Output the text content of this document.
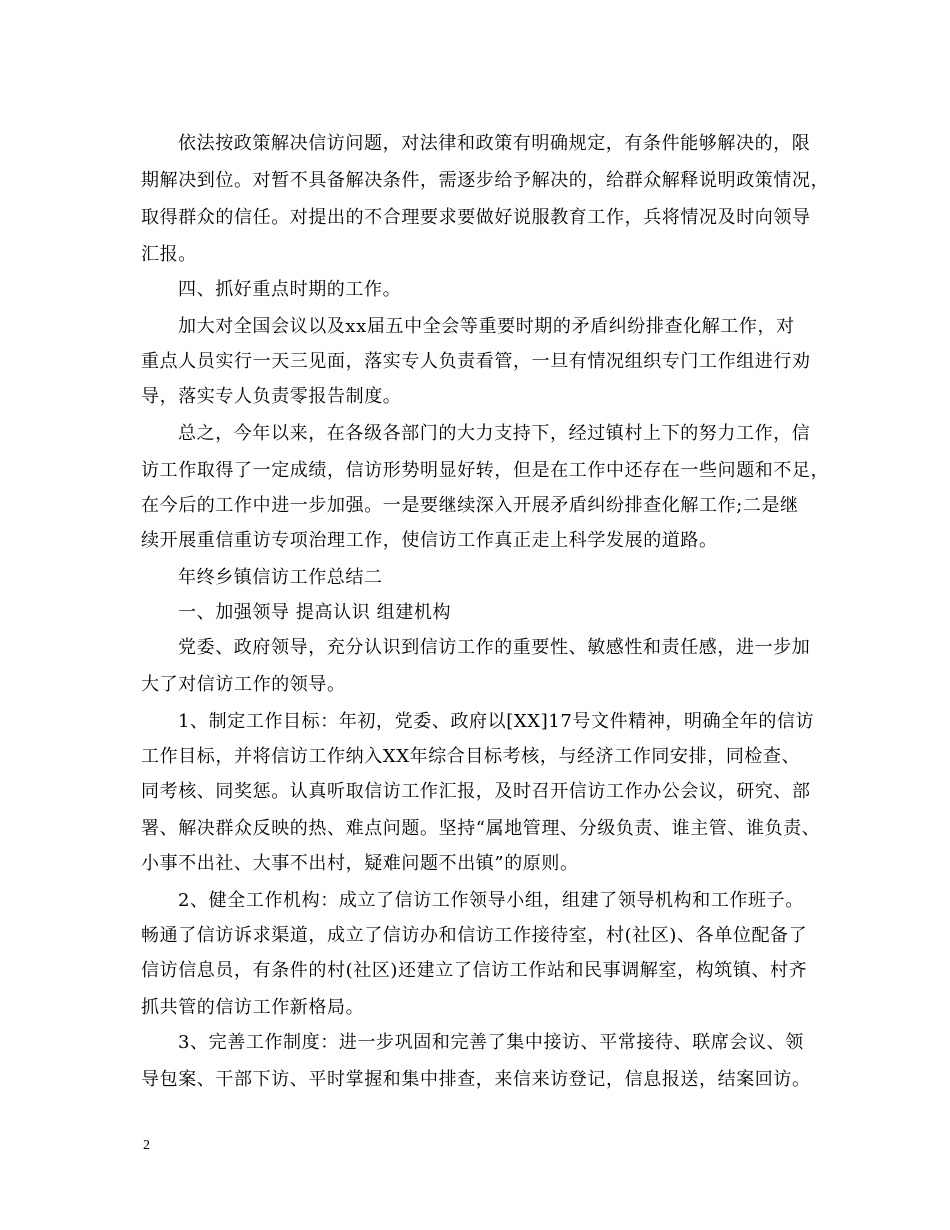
依法按政策解决信访问题，对法律和政策有明确规定，有条件能够解决的，限
期解决到位。对暂不具备解决条件，需逐步给予解决的，给群众解释说明政策情况，
取得群众的信任。对提出的不合理要求要做好说服教育工作，兵将情况及时向领导
汇报。
四、抓好重点时期的工作。
加大对全国会议以及xx届五中全会等重要时期的矛盾纠纷排查化解工作，对
重点人员实行一天三见面，落实专人负责看管，一旦有情况组织专门工作组进行劝
导，落实专人负责零报告制度。
总之，今年以来，在各级各部门的大力支持下，经过镇村上下的努力工作，信
访工作取得了一定成绩，信访形势明显好转，但是在工作中还存在一些问题和不足，
在今后的工作中进一步加强。一是要继续深入开展矛盾纠纷排查化解工作;二是继
续开展重信重访专项治理工作，使信访工作真正走上科学发展的道路。
年终乡镇信访工作总结二
一、加强领导 提高认识 组建机构
党委、政府领导，充分认识到信访工作的重要性、敏感性和责任感，进一步加
大了对信访工作的领导。
1、制定工作目标：年初，党委、政府以[XX]17号文件精神，明确全年的信访
工作目标，并将信访工作纳入XX年综合目标考核，与经济工作同安排，同检查、
同考核、同奖惩。认真听取信访工作汇报，及时召开信访工作办公会议，研究、部
署、解决群众反映的热、难点问题。坚持“属地管理、分级负责、谁主管、谁负责、
小事不出社、大事不出村，疑难问题不出镇”的原则。
2、健全工作机构：成立了信访工作领导小组，组建了领导机构和工作班子。
畅通了信访诉求渠道，成立了信访办和信访工作接待室，村(社区)、各单位配备了
信访信息员，有条件的村(社区)还建立了信访工作站和民事调解室，构筑镇、村齐
抓共管的信访工作新格局。
3、完善工作制度：进一步巩固和完善了集中接访、平常接待、联席会议、领
导包案、干部下访、平时掌握和集中排查，来信来访登记，信息报送，结案回访。
2
